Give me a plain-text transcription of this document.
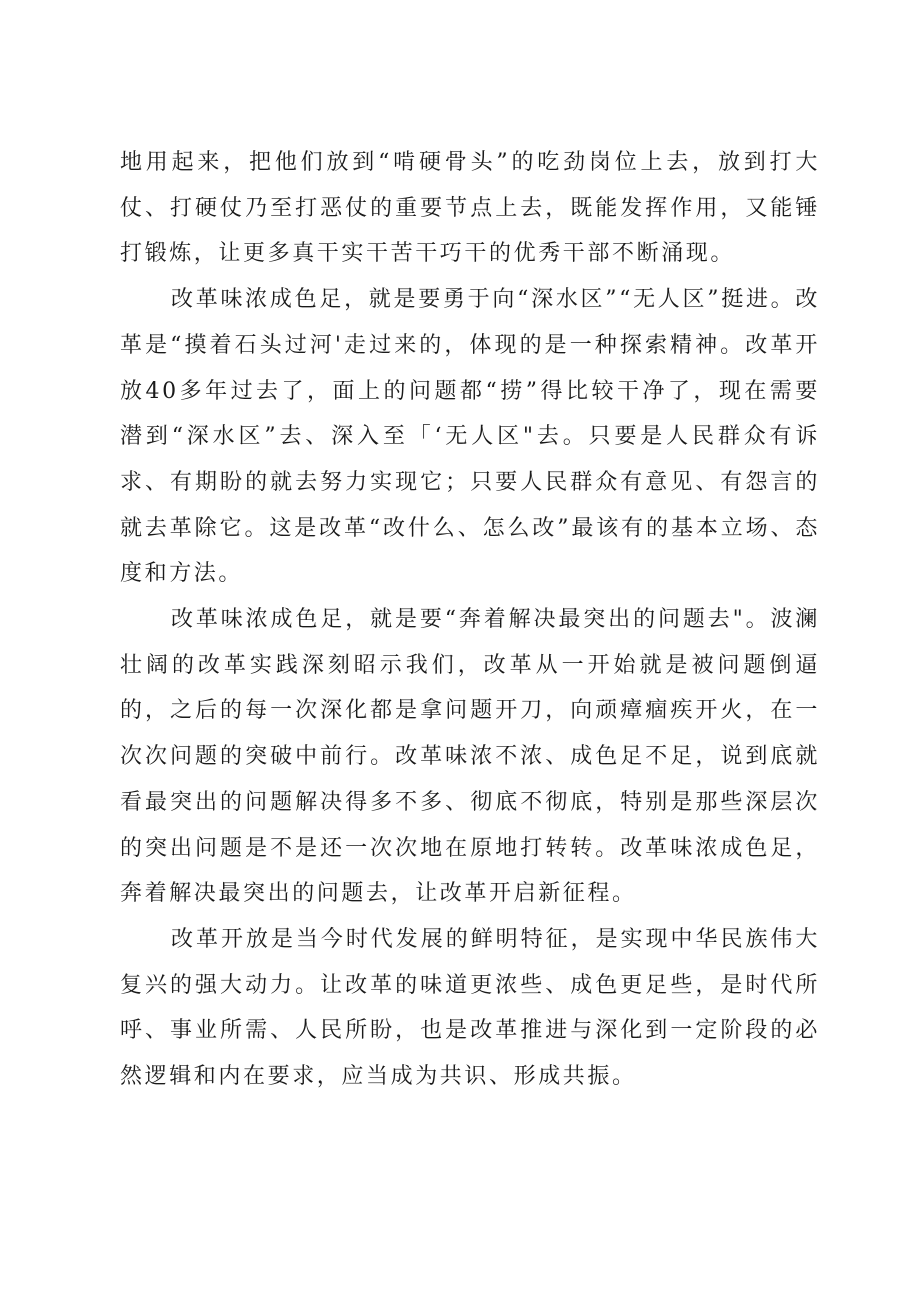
地用起来，把他们放到“啃硬骨头”的吃劲岗位上去，放到打大仗、打硬仗乃至打恶仗的重要节点上去，既能发挥作用，又能锤打锻炼，让更多真干实干苦干巧干的优秀干部不断涌现。

改革味浓成色足，就是要勇于向“深水区”“无人区”挺进。改革是“摸着石头过河'走过来的，体现的是一种探索精神。改革开放40多年过去了，面上的问题都“捞”得比较干净了，现在需要潜到“深水区”去、深入至「‘无人区"去。只要是人民群众有诉求、有期盼的就去努力实现它；只要人民群众有意见、有怨言的就去革除它。这是改革“改什么、怎么改”最该有的基本立场、态度和方法。

改革味浓成色足，就是要“奔着解决最突出的问题去"。波澜壮阔的改革实践深刻昭示我们，改革从一开始就是被问题倒逼的，之后的每一次深化都是拿问题开刀，向顽瘴痼疾开火，在一次次问题的突破中前行。改革味浓不浓、成色足不足，说到底就看最突出的问题解决得多不多、彻底不彻底，特别是那些深层次的突出问题是不是还一次次地在原地打转转。改革味浓成色足，奔着解决最突出的问题去，让改革开启新征程。

改革开放是当今时代发展的鲜明特征，是实现中华民族伟大复兴的强大动力。让改革的味道更浓些、成色更足些，是时代所呼、事业所需、人民所盼，也是改革推进与深化到一定阶段的必然逻辑和内在要求，应当成为共识、形成共振。
